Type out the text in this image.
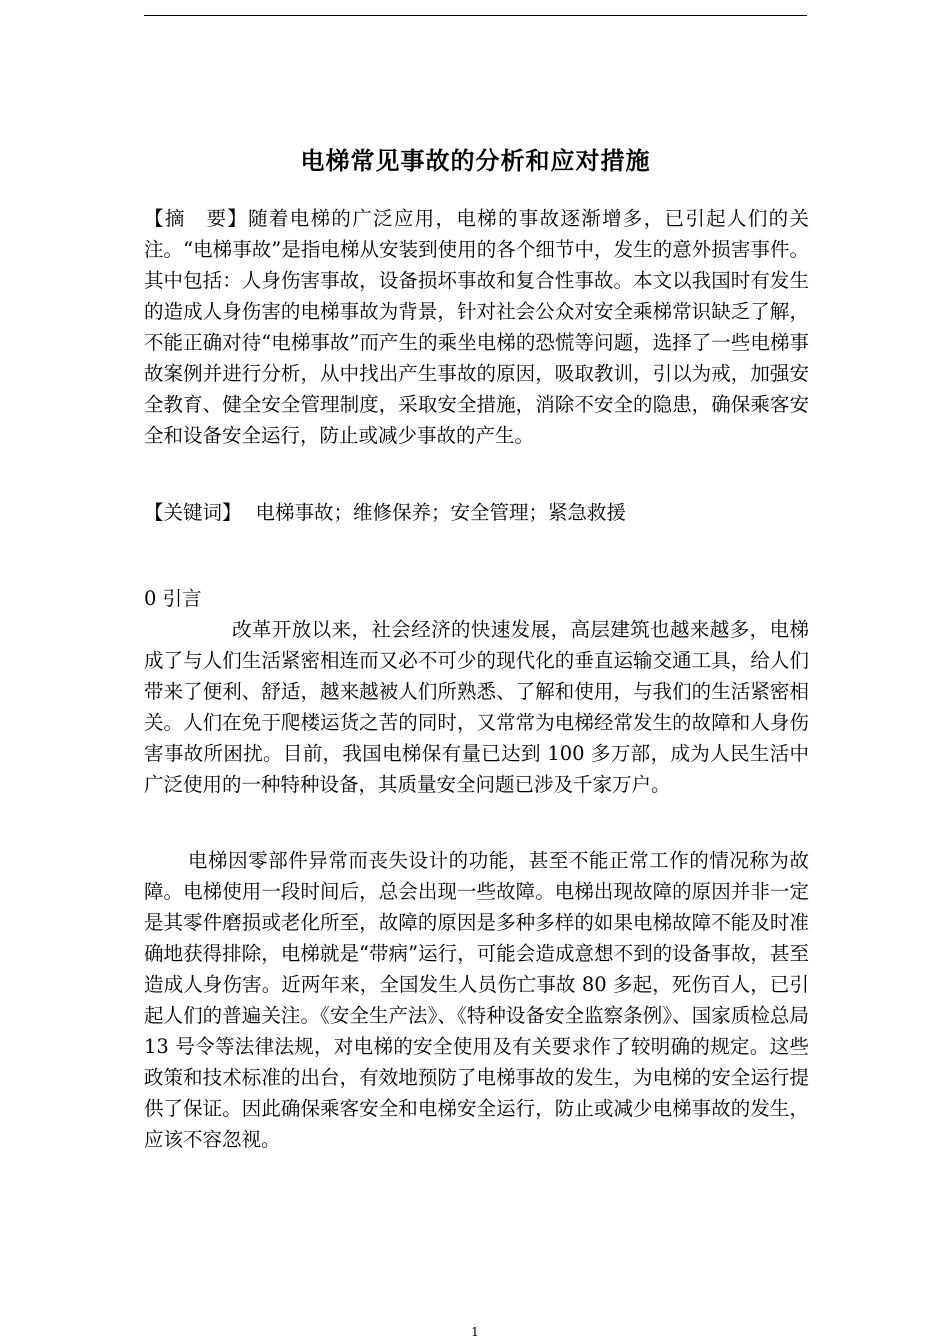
电梯常见事故的分析和应对措施

【摘　要】随着电梯的广泛应用，电梯的事故逐渐增多，已引起人们的关注。“电梯事故”是指电梯从安装到使用的各个细节中，发生的意外损害事件。其中包括：人身伤害事故，设备损坏事故和复合性事故。本文以我国时有发生的造成人身伤害的电梯事故为背景，针对社会公众对安全乘梯常识缺乏了解，不能正确对待“电梯事故”而产生的乘坐电梯的恐慌等问题，选择了一些电梯事故案例并进行分析，从中找出产生事故的原因，吸取教训，引以为戒，加强安全教育、健全安全管理制度，采取安全措施，消除不安全的隐患，确保乘客安全和设备安全运行，防止或减少事故的产生。

【关键词】 电梯事故；维修保养；安全管理；紧急救援

0 引言

改革开放以来，社会经济的快速发展，高层建筑也越来越多，电梯成了与人们生活紧密相连而又必不可少的现代化的垂直运输交通工具，给人们带来了便利、舒适，越来越被人们所熟悉、了解和使用，与我们的生活紧密相关。人们在免于爬楼运货之苦的同时，又常常为电梯经常发生的故障和人身伤害事故所困扰。目前，我国电梯保有量已达到 100 多万部，成为人民生活中广泛使用的一种特种设备，其质量安全问题已涉及千家万户。

电梯因零部件异常而丧失设计的功能，甚至不能正常工作的情况称为故障。电梯使用一段时间后，总会出现一些故障。电梯出现故障的原因并非一定是其零件磨损或老化所至，故障的原因是多种多样的如果电梯故障不能及时准确地获得排除，电梯就是“带病”运行，可能会造成意想不到的设备事故，甚至造成人身伤害。近两年来，全国发生人员伤亡事故 80 多起，死伤百人，已引起人们的普遍关注。《安全生产法》、《特种设备安全监察条例》、国家质检总局 13 号令等法律法规，对电梯的安全使用及有关要求作了较明确的规定。这些政策和技术标准的出台，有效地预防了电梯事故的发生，为电梯的安全运行提供了保证。因此确保乘客安全和电梯安全运行，防止或减少电梯事故的发生，应该不容忽视。

1
